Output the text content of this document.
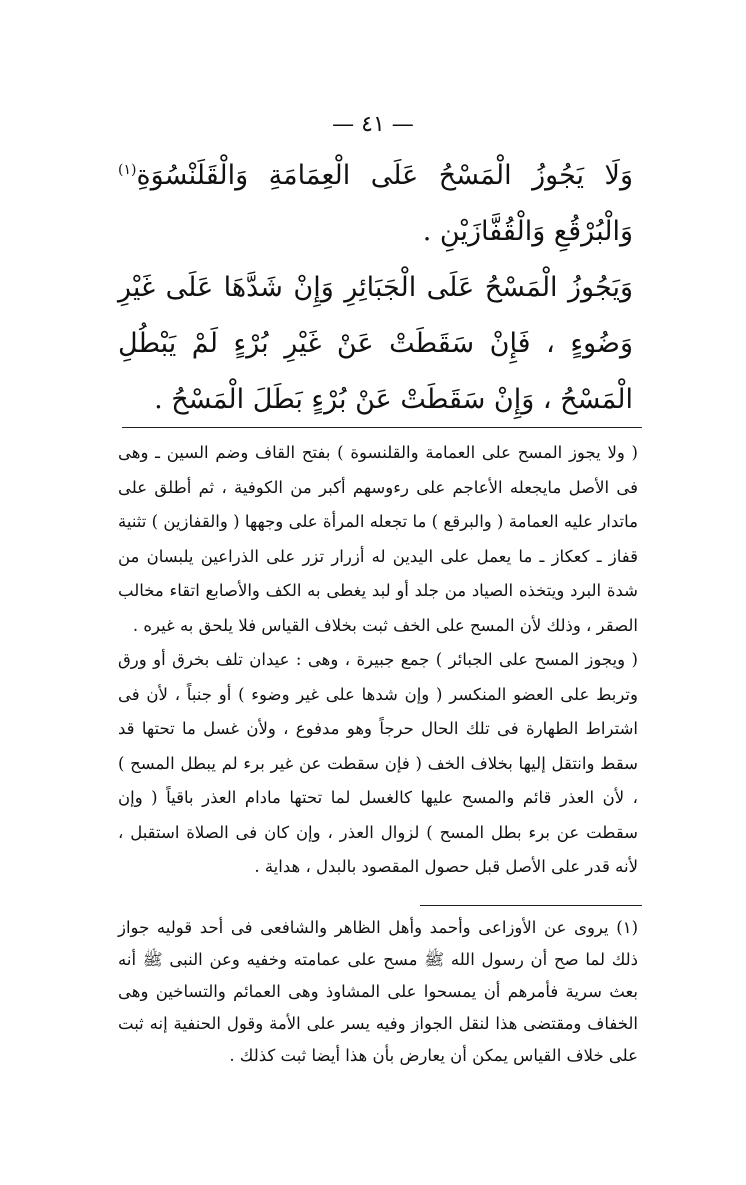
— ٤١ —

وَلَا يَجُوزُ الْمَسْحُ عَلَى الْعِمَامَةِ وَالْقَلَنْسُوَةِ$^{(١)}$ وَالْبُرْقُعِ وَالْقُفَّازَيْنِ .

وَيَجُوزُ الْمَسْحُ عَلَى الْجَبَائِرِ وَإِنْ شَدَّهَا عَلَى غَيْرِ وَضُوءٍ ، فَإِنْ سَقَطَتْ عَنْ غَيْرِ بُرْءٍ لَمْ يَبْطُلِ الْمَسْحُ ، وَإِنْ سَقَطَتْ عَنْ بُرْءٍ بَطَلَ الْمَسْحُ .

( ولا يجوز المسح على العمامة والقلنسوة ) بفتح القاف وضم السين ـ وهى فى الأصل مايجعله الأعاجم على رءوسهم أكبر من الكوفية ، ثم أطلق على ماتدار عليه العمامة ( والبرقع ) ما تجعله المرأة على وجهها ( والقفازين ) تثنية قفاز ـ كعكاز ـ ما يعمل على اليدين له أزرار تزر على الذراعين يلبسان من شدة البرد ويتخذه الصياد من جلد أو لبد يغطى به الكف والأصابع اتقاء مخالب الصقر ، وذلك لأن المسح على الخف ثبت بخلاف القياس فلا يلحق به غيره .

( ويجوز المسح على الجبائر ) جمع جبيرة ، وهى : عيدان تلف بخرق أو ورق وتربط على العضو المنكسر ( وإن شدها على غير وضوء ) أو جنباً ، لأن فى اشتراط الطهارة فى تلك الحال حرجاً وهو مدفوع ، ولأن غسل ما تحتها قد سقط وانتقل إليها بخلاف الخف ( فإن سقطت عن غير برء لم يبطل المسح ) ، لأن العذر قائم والمسح عليها كالغسل لما تحتها مادام العذر باقياً ( وإن سقطت عن برء بطل المسح ) لزوال العذر ، وإن كان فى الصلاة استقبل ، لأنه قدر على الأصل قبل حصول المقصود بالبدل ، هداية .

(١) يروى عن الأوزاعى وأحمد وأهل الظاهر والشافعى فى أحد قوليه جواز ذلك لما صح أن رسول الله ﷺ مسح على عمامته وخفيه وعن النبى ﷺ أنه بعث سرية فأمرهم أن يمسحوا على المشاوذ وهى العمائم والتساخين وهى الخفاف ومقتضى هذا لنقل الجواز وفيه يسر على الأمة وقول الحنفية إنه ثبت على خلاف القياس يمكن أن يعارض بأن هذا أيضا ثبت كذلك .
